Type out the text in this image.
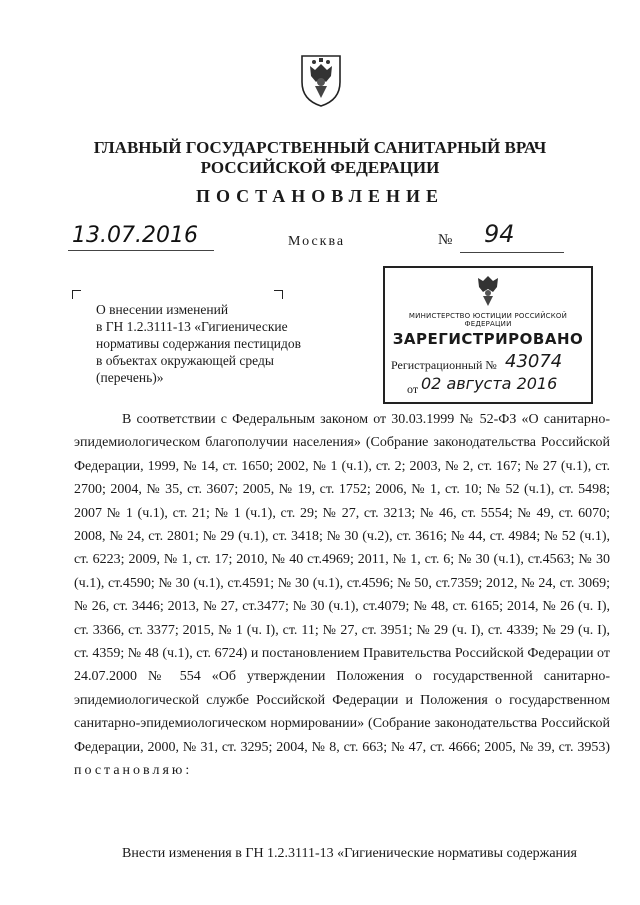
ГЛАВНЫЙ ГОСУДАРСТВЕННЫЙ САНИТАРНЫЙ ВРАЧ
РОССИЙСКОЙ ФЕДЕРАЦИИ
ПОСТАНОВЛЕНИЕ
13.07.2016	Москва	№ 94
О внесении изменений
в ГН 1.2.3111-13 «Гигиенические
нормативы содержания пестицидов
в объектах окружающей среды
(перечень)»
МИНИСТЕРСТВО ЮСТИЦИИ РОССИЙСКОЙ ФЕДЕРАЦИИ
ЗАРЕГИСТРИРОВАНО
Регистрационный № 43074
от 02 августа 2016

В соответствии с Федеральным законом от 30.03.1999 № 52-ФЗ «О санитарно-эпидемиологическом благополучии населения» (Собрание законодательства Российской Федерации, 1999, № 14, ст. 1650; 2002, № 1 (ч.1), ст. 2; 2003, № 2, ст. 167; № 27 (ч.1), ст. 2700; 2004, № 35, ст. 3607; 2005, № 19, ст. 1752; 2006, № 1, ст. 10; № 52 (ч.1), ст. 5498; 2007 № 1 (ч.1), ст. 21; № 1 (ч.1), ст. 29; № 27, ст. 3213; № 46, ст. 5554; № 49, ст. 6070; 2008, № 24, ст. 2801; № 29 (ч.1), ст. 3418; № 30 (ч.2), ст. 3616; № 44, ст. 4984; № 52 (ч.1), ст. 6223; 2009, № 1, ст. 17; 2010, № 40 ст.4969; 2011, № 1, ст. 6; № 30 (ч.1), ст.4563; № 30 (ч.1), ст.4590; № 30 (ч.1), ст.4591; № 30 (ч.1), ст.4596; № 50, ст.7359; 2012, № 24, ст. 3069; № 26, ст. 3446; 2013, № 27, ст.3477; № 30 (ч.1), ст.4079; № 48, ст. 6165; 2014, № 26 (ч. I), ст. 3366, ст. 3377; 2015, № 1 (ч. I), ст. 11; № 27, ст. 3951; № 29 (ч. I), ст. 4339; № 29 (ч. I), ст. 4359; № 48 (ч.1), ст. 6724) и постановлением Правительства Российской Федерации от 24.07.2000 № 554 «Об утверждении Положения о государственной санитарно-эпидемиологической службе Российской Федерации и Положения о государственном санитарно-эпидемиологическом нормировании» (Собрание законодательства Российской Федерации, 2000, № 31, ст. 3295; 2004, № 8, ст. 663; № 47, ст. 4666; 2005, № 39, ст. 3953) постановляю:

Внести изменения в ГН 1.2.3111-13 «Гигиенические нормативы содержания
